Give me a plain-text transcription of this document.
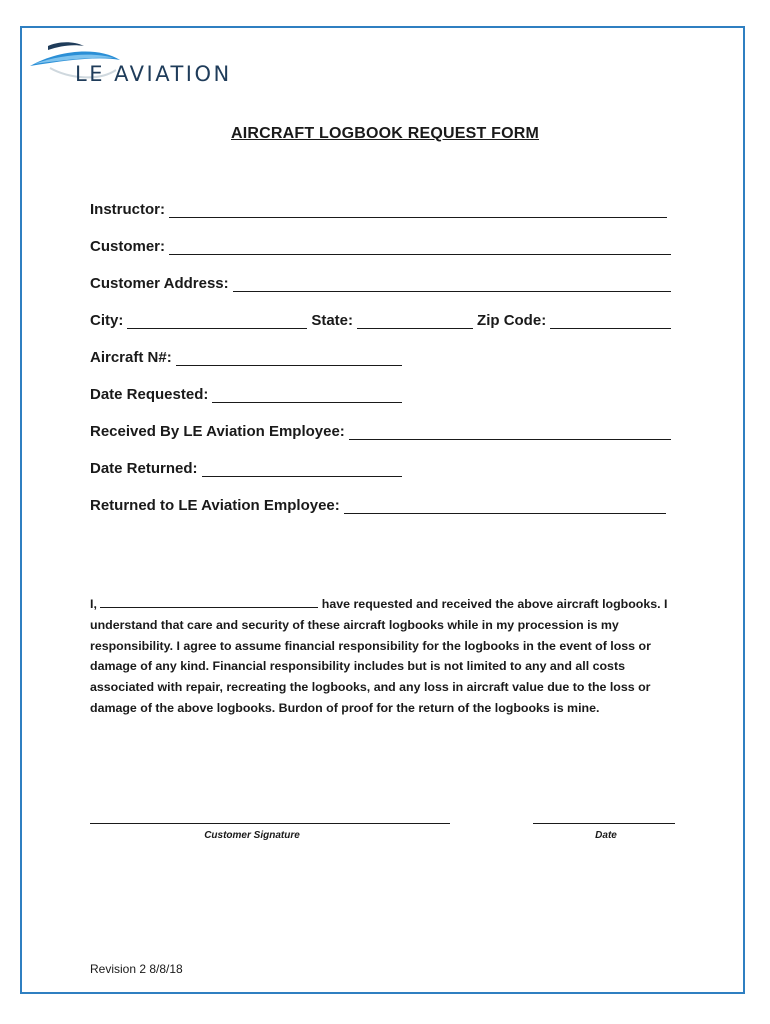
LE AVIATION
AIRCRAFT LOGBOOK REQUEST FORM
Instructor:
Customer:
Customer Address:
City:	State:	Zip Code:
Aircraft N#:
Date Requested:
Received By LE Aviation Employee:
Date Returned:
Returned to LE Aviation Employee:
I,	have requested and received the above aircraft logbooks. I understand that care and security of these aircraft logbooks while in my procession is my responsibility. I agree to assume financial responsibility for the logbooks in the event of loss or damage of any kind. Financial responsibility includes but is not limited to any and all costs associated with repair, recreating the logbooks, and any loss in aircraft value due to the loss or damage of the above logbooks. Burdon of proof for the return of the logbooks is mine.
Customer Signature	Date
Revision 2 8/8/18
